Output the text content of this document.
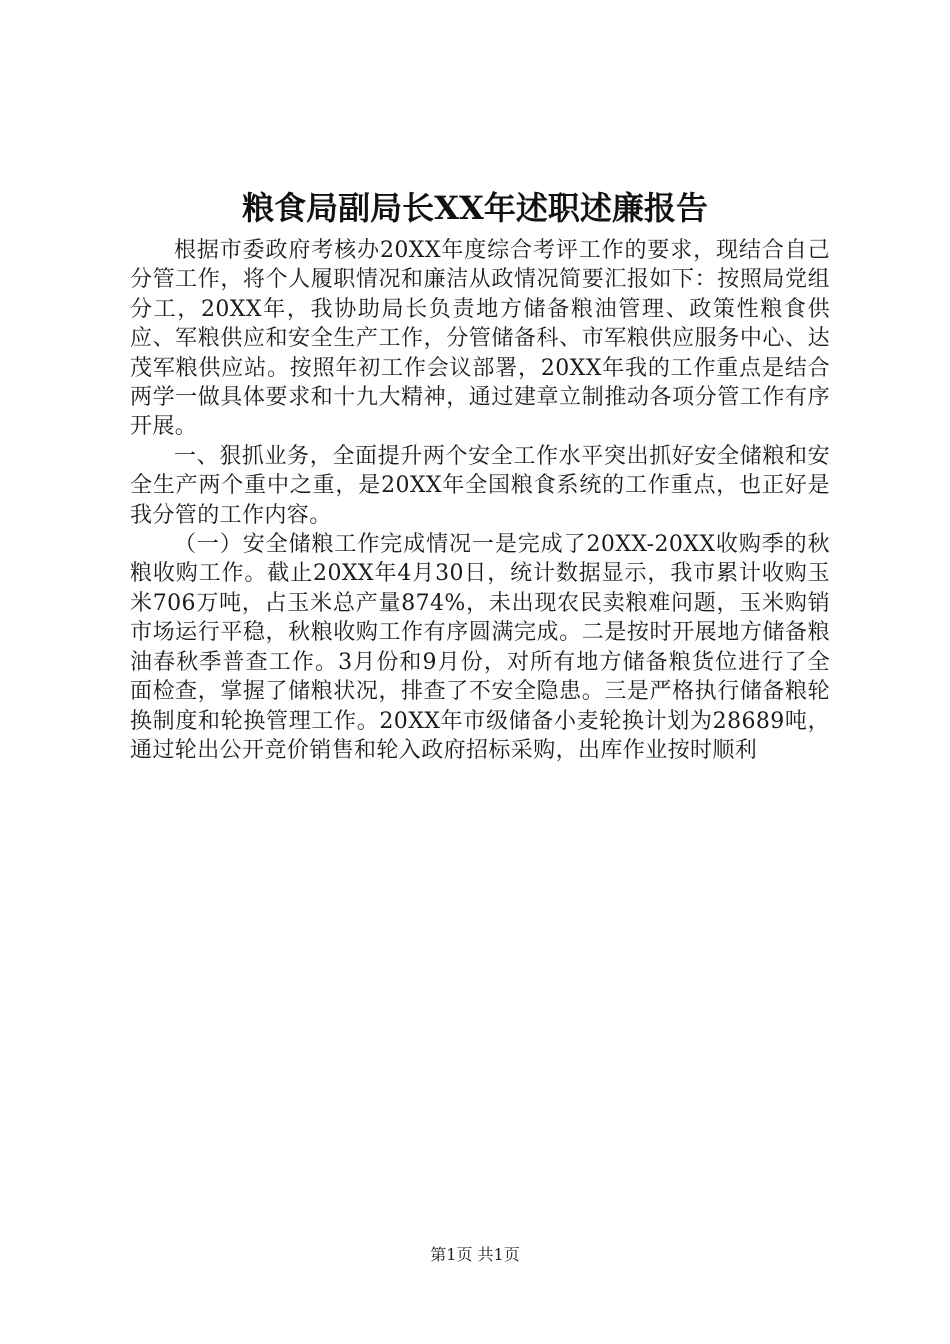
粮食局副局长XX年述职述廉报告

根据市委政府考核办20XX年度综合考评工作的要求，现结合自己分管工作，将个人履职情况和廉洁从政情况简要汇报如下：按照局党组分工，20XX年，我协助局长负责地方储备粮油管理、政策性粮食供应、军粮供应和安全生产工作，分管储备科、市军粮供应服务中心、达茂军粮供应站。按照年初工作会议部署，20XX年我的工作重点是结合两学一做具体要求和十九大精神，通过建章立制推动各项分管工作有序开展。

一、狠抓业务，全面提升两个安全工作水平突出抓好安全储粮和安全生产两个重中之重，是20XX年全国粮食系统的工作重点，也正好是我分管的工作内容。

（一）安全储粮工作完成情况一是完成了20XX-20XX收购季的秋粮收购工作。截止20XX年4月30日，统计数据显示，我市累计收购玉米706万吨，占玉米总产量874%，未出现农民卖粮难问题，玉米购销市场运行平稳，秋粮收购工作有序圆满完成。二是按时开展地方储备粮油春秋季普查工作。3月份和9月份，对所有地方储备粮货位进行了全面检查，掌握了储粮状况，排查了不安全隐患。三是严格执行储备粮轮换制度和轮换管理工作。20XX年市级储备小麦轮换计划为28689吨，通过轮出公开竞价销售和轮入政府招标采购，出库作业按时顺利

第1页 共1页
